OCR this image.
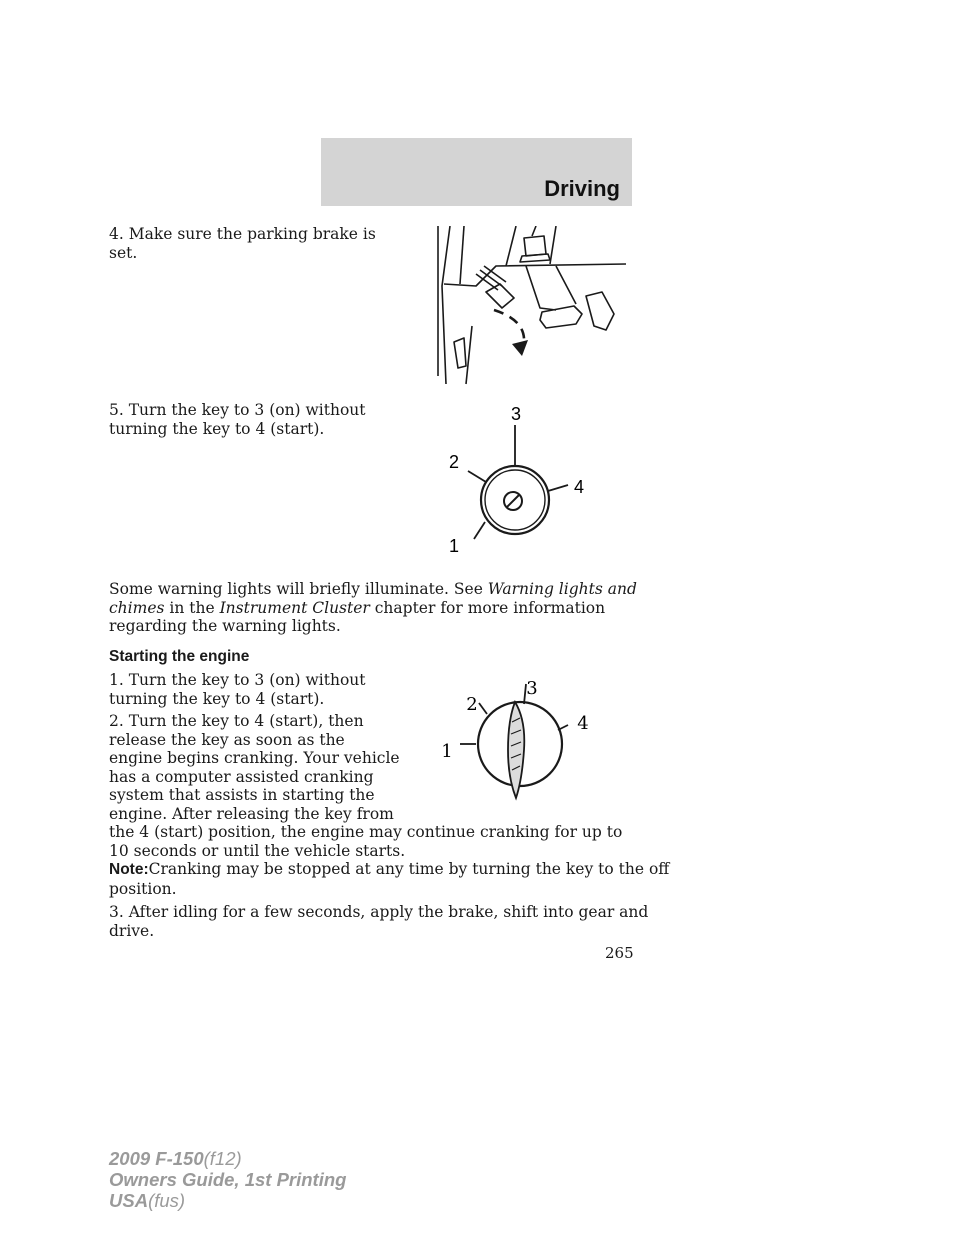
Driving

4. Make sure the parking brake is
set.

5. Turn the key to 3 (on) without
turning the key to 4 (start).

3
2
4
1

Some warning lights will briefly illuminate. See Warning lights and
chimes in the Instrument Cluster chapter for more information
regarding the warning lights.

Starting the engine

1. Turn the key to 3 (on) without
turning the key to 4 (start).

2. Turn the key to 4 (start), then
release the key as soon as the
engine begins cranking. Your vehicle
has a computer assisted cranking
system that assists in starting the
engine. After releasing the key from
the 4 (start) position, the engine may continue cranking for up to
10 seconds or until the vehicle starts.

3
2
4
1

Note:Cranking may be stopped at any time by turning the key to the off
position.

3. After idling for a few seconds, apply the brake, shift into gear and
drive.

265
2009 F-150(f12)
Owners Guide, 1st Printing
USA(fus)
